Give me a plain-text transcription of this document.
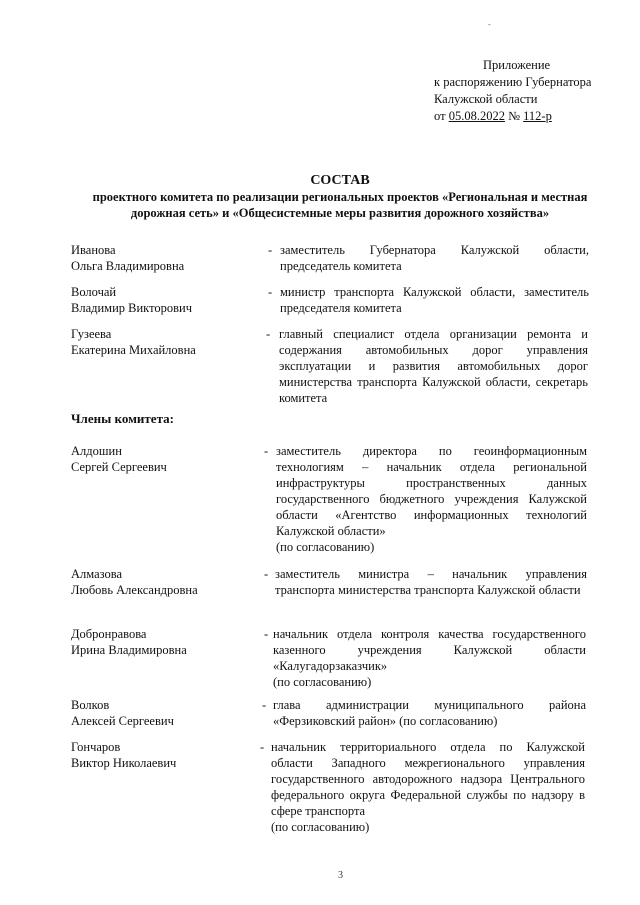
-
Приложение
к распоряжению Губернатора
Калужской области
от 05.08.2022 № 112-р
СОСТАВ
проектного комитета по реализации региональных проектов «Региональная и местная дорожная сеть» и «Общесистемные меры развития дорожного хозяйства»
Иванова
Ольга Владимировна
- заместитель Губернатора Калужской области, председатель комитета
Волочай
Владимир Викторович
- министр транспорта Калужской области, заместитель председателя комитета
Гузеева
Екатерина Михайловна
- главный специалист отдела организации ремонта и содержания автомобильных дорог управления эксплуатации и развития автомобильных дорог министерства транспорта Калужской области, секретарь комитета
Члены комитета:
Алдошин
Сергей Сергеевич
- заместитель директора по геоинформационным технологиям – начальник отдела региональной инфраструктуры пространственных данных государственного бюджетного учреждения Калужской области «Агентство информационных технологий Калужской области»
(по согласованию)
Алмазова
Любовь Александровна
- заместитель министра – начальник управления транспорта министерства транспорта Калужской области
Добронравова
Ирина Владимировна
- начальник отдела контроля качества государственного казенного учреждения Калужской области «Калугадорзаказчик»
(по согласованию)
Волков
Алексей Сергеевич
- глава администрации муниципального района «Ферзиковский район» (по согласованию)
Гончаров
Виктор Николаевич
- начальник территориального отдела по Калужской области Западного межрегионального управления государственного автодорожного надзора Центрального федерального округа Федеральной службы по надзору в сфере транспорта
(по согласованию)
3
